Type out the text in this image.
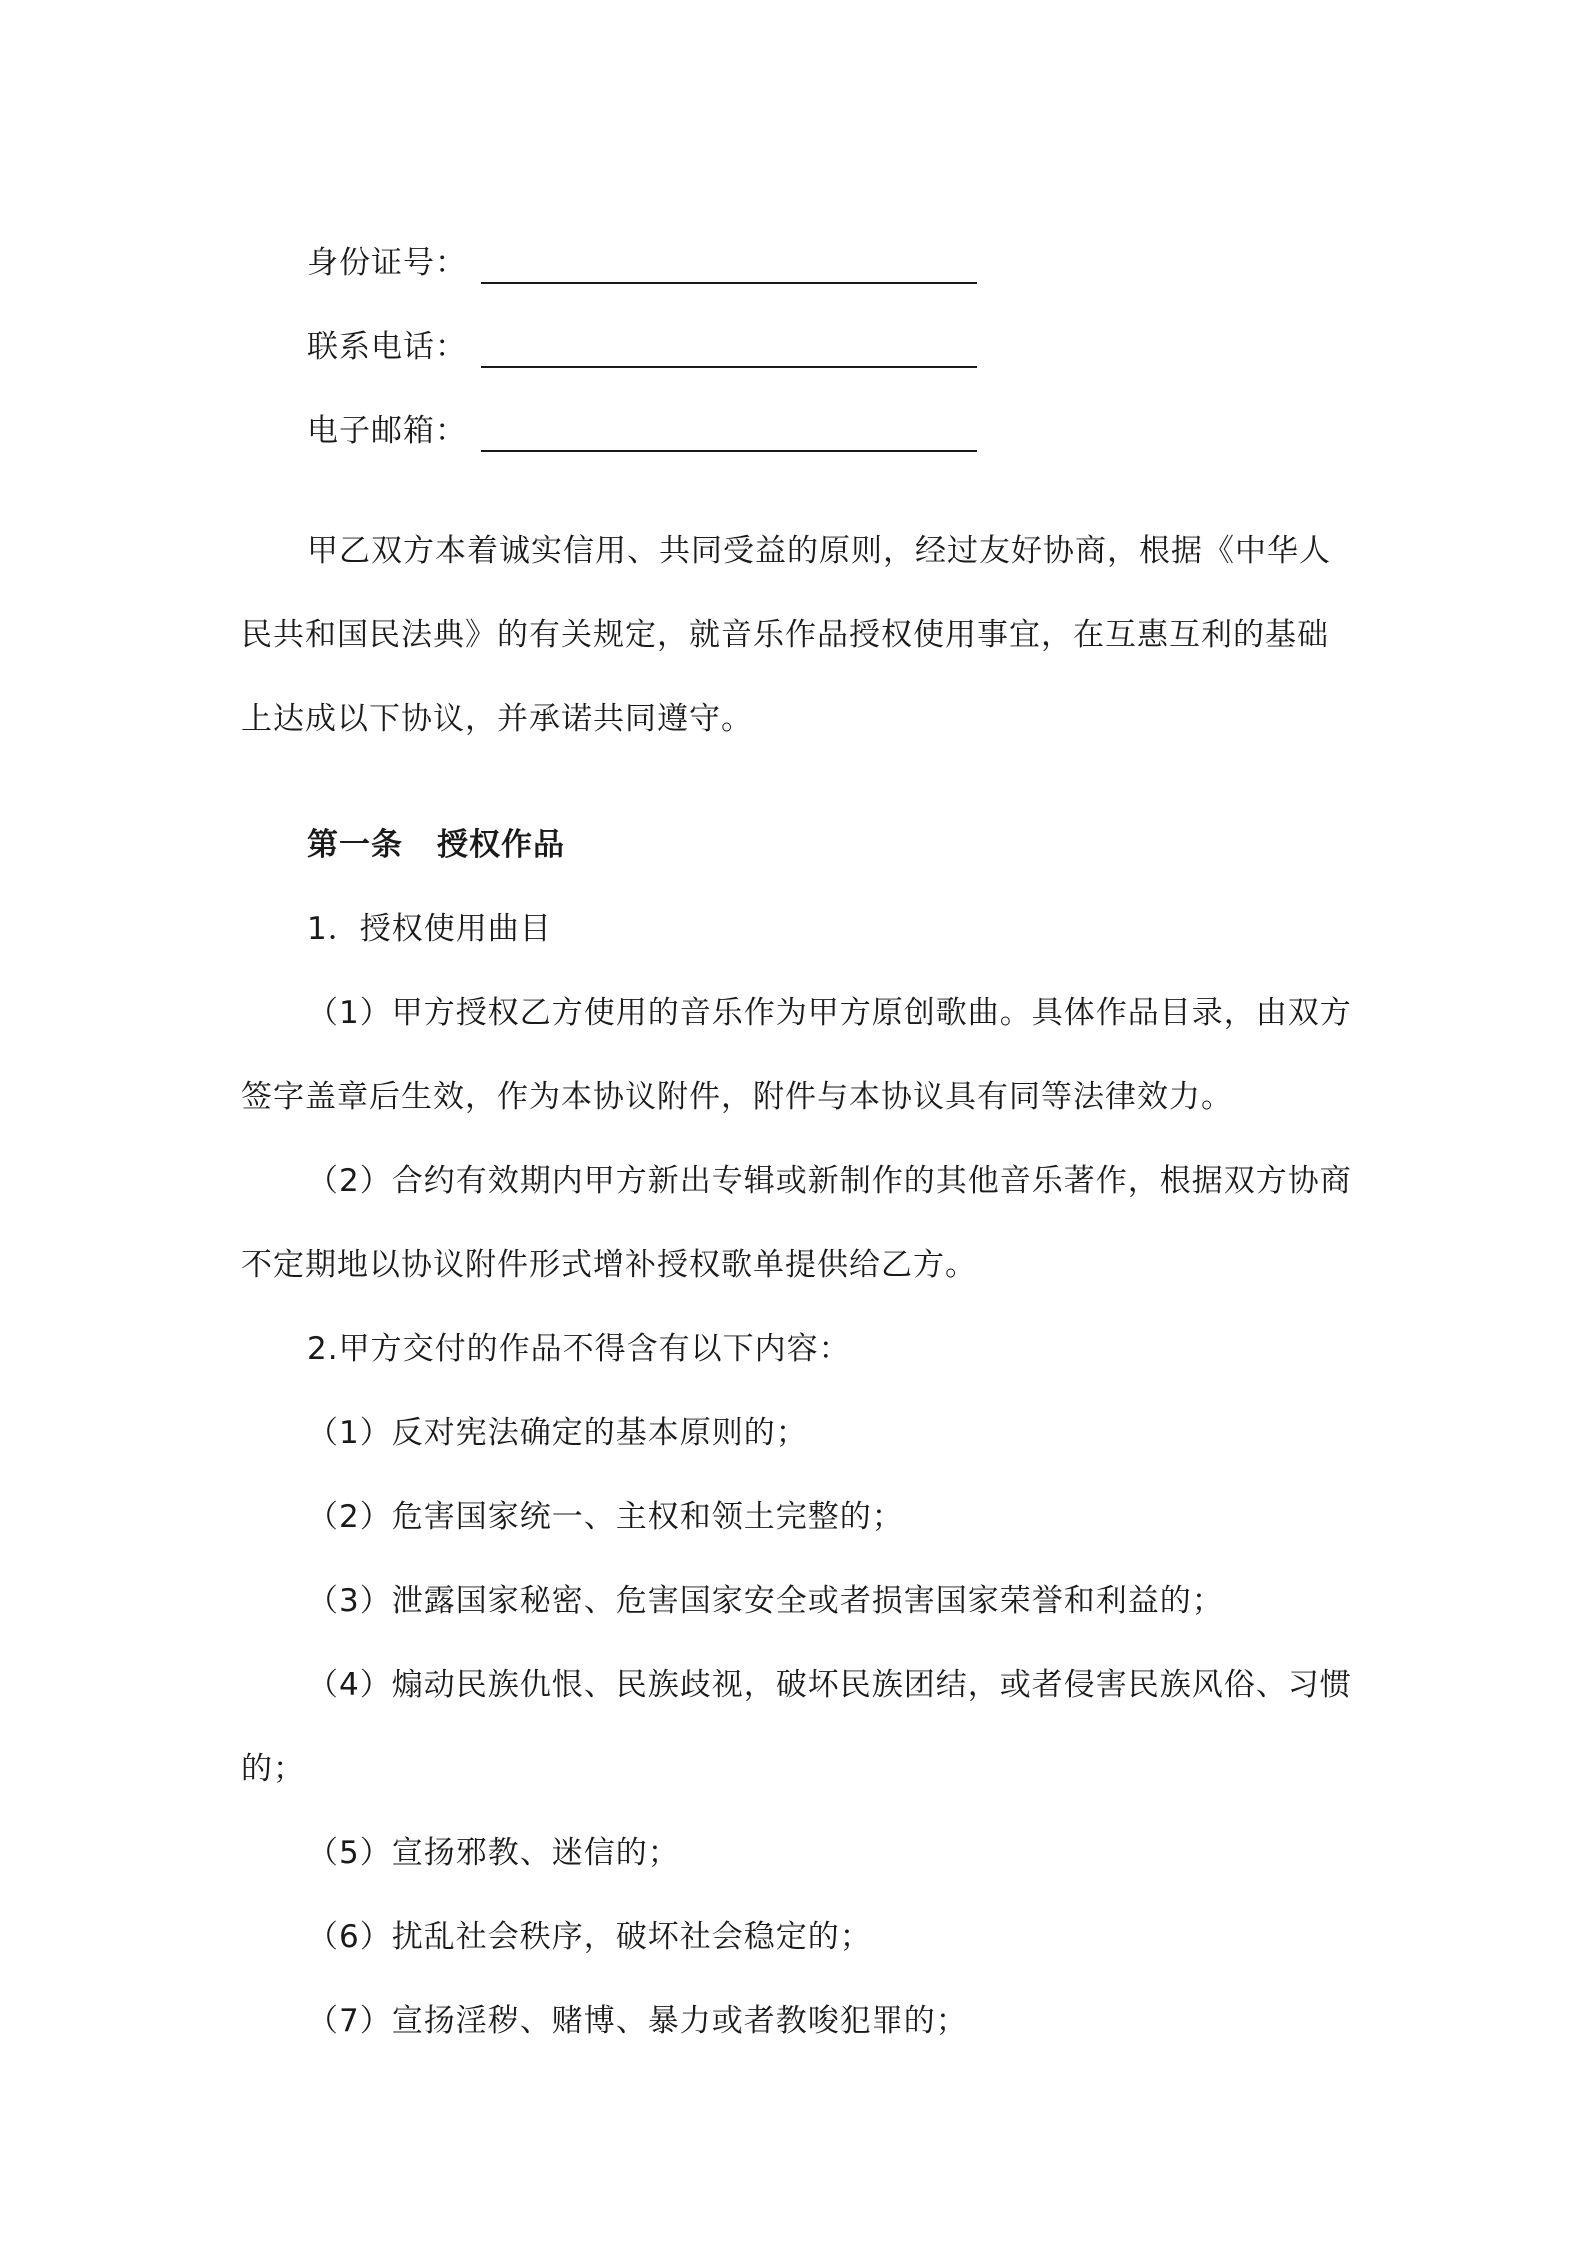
身份证号：
联系电话：
电子邮箱：

甲乙双方本着诚实信用、共同受益的原则，经过友好协商，根据《中华人民共和国民法典》的有关规定，就音乐作品授权使用事宜，在互惠互利的基础上达成以下协议，并承诺共同遵守。

第一条 授权作品

1．授权使用曲目

（1）甲方授权乙方使用的音乐作为甲方原创歌曲。具体作品目录，由双方签字盖章后生效，作为本协议附件，附件与本协议具有同等法律效力。

（2）合约有效期内甲方新出专辑或新制作的其他音乐著作，根据双方协商不定期地以协议附件形式增补授权歌单提供给乙方。

2.甲方交付的作品不得含有以下内容：

（1）反对宪法确定的基本原则的；

（2）危害国家统一、主权和领土完整的；

（3）泄露国家秘密、危害国家安全或者损害国家荣誉和利益的；

（4）煽动民族仇恨、民族歧视，破坏民族团结，或者侵害民族风俗、习惯的；

（5）宣扬邪教、迷信的；

（6）扰乱社会秩序，破坏社会稳定的；

（7）宣扬淫秽、赌博、暴力或者教唆犯罪的；
